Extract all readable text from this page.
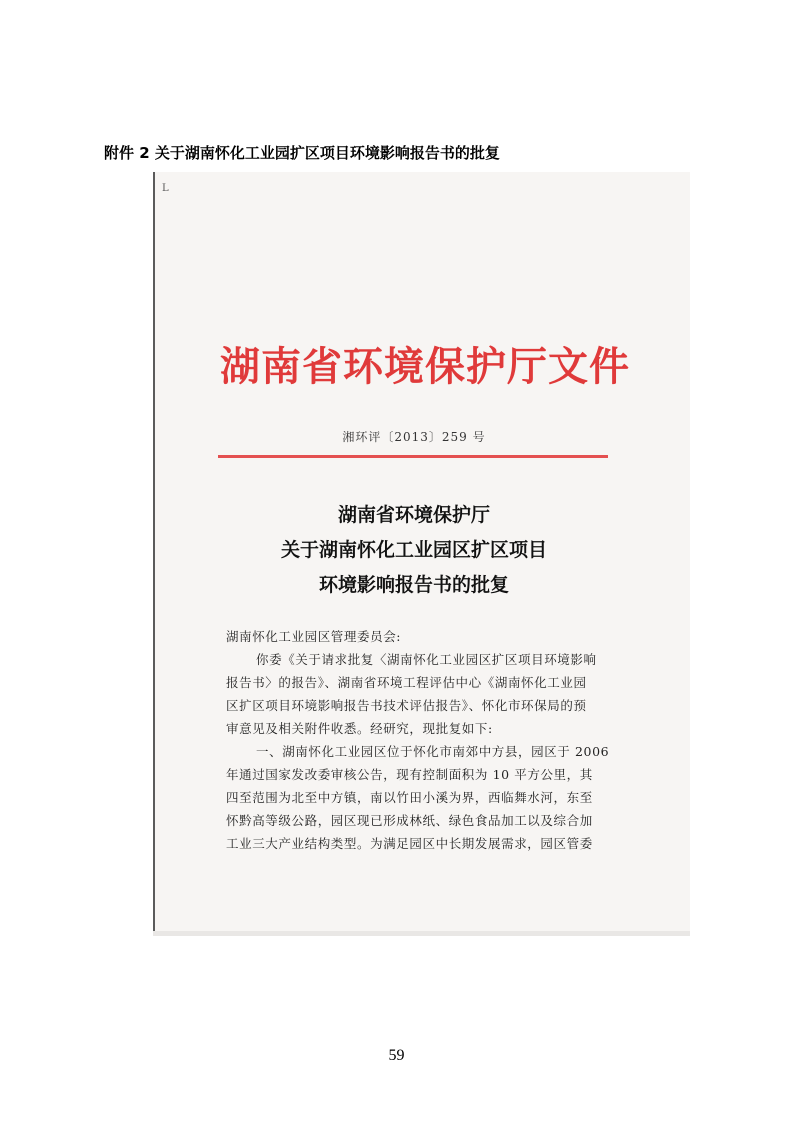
附件 2 关于湖南怀化工业园扩区项目环境影响报告书的批复
L
湖南省环境保护厅文件
湘环评〔2013〕259 号
湖南省环境保护厅
关于湖南怀化工业园区扩区项目
环境影响报告书的批复
湖南怀化工业园区管理委员会:
你委《关于请求批复〈湖南怀化工业园区扩区项目环境影响
报告书〉的报告》、湖南省环境工程评估中心《湖南怀化工业园
区扩区项目环境影响报告书技术评估报告》、怀化市环保局的预
审意见及相关附件收悉。经研究，现批复如下:
一、湖南怀化工业园区位于怀化市南郊中方县，园区于 2006
年通过国家发改委审核公告，现有控制面积为 10 平方公里，其
四至范围为北至中方镇，南以竹田小溪为界，西临舞水河，东至
怀黔高等级公路，园区现已形成林纸、绿色食品加工以及综合加
工业三大产业结构类型。为满足园区中长期发展需求，园区管委
59
